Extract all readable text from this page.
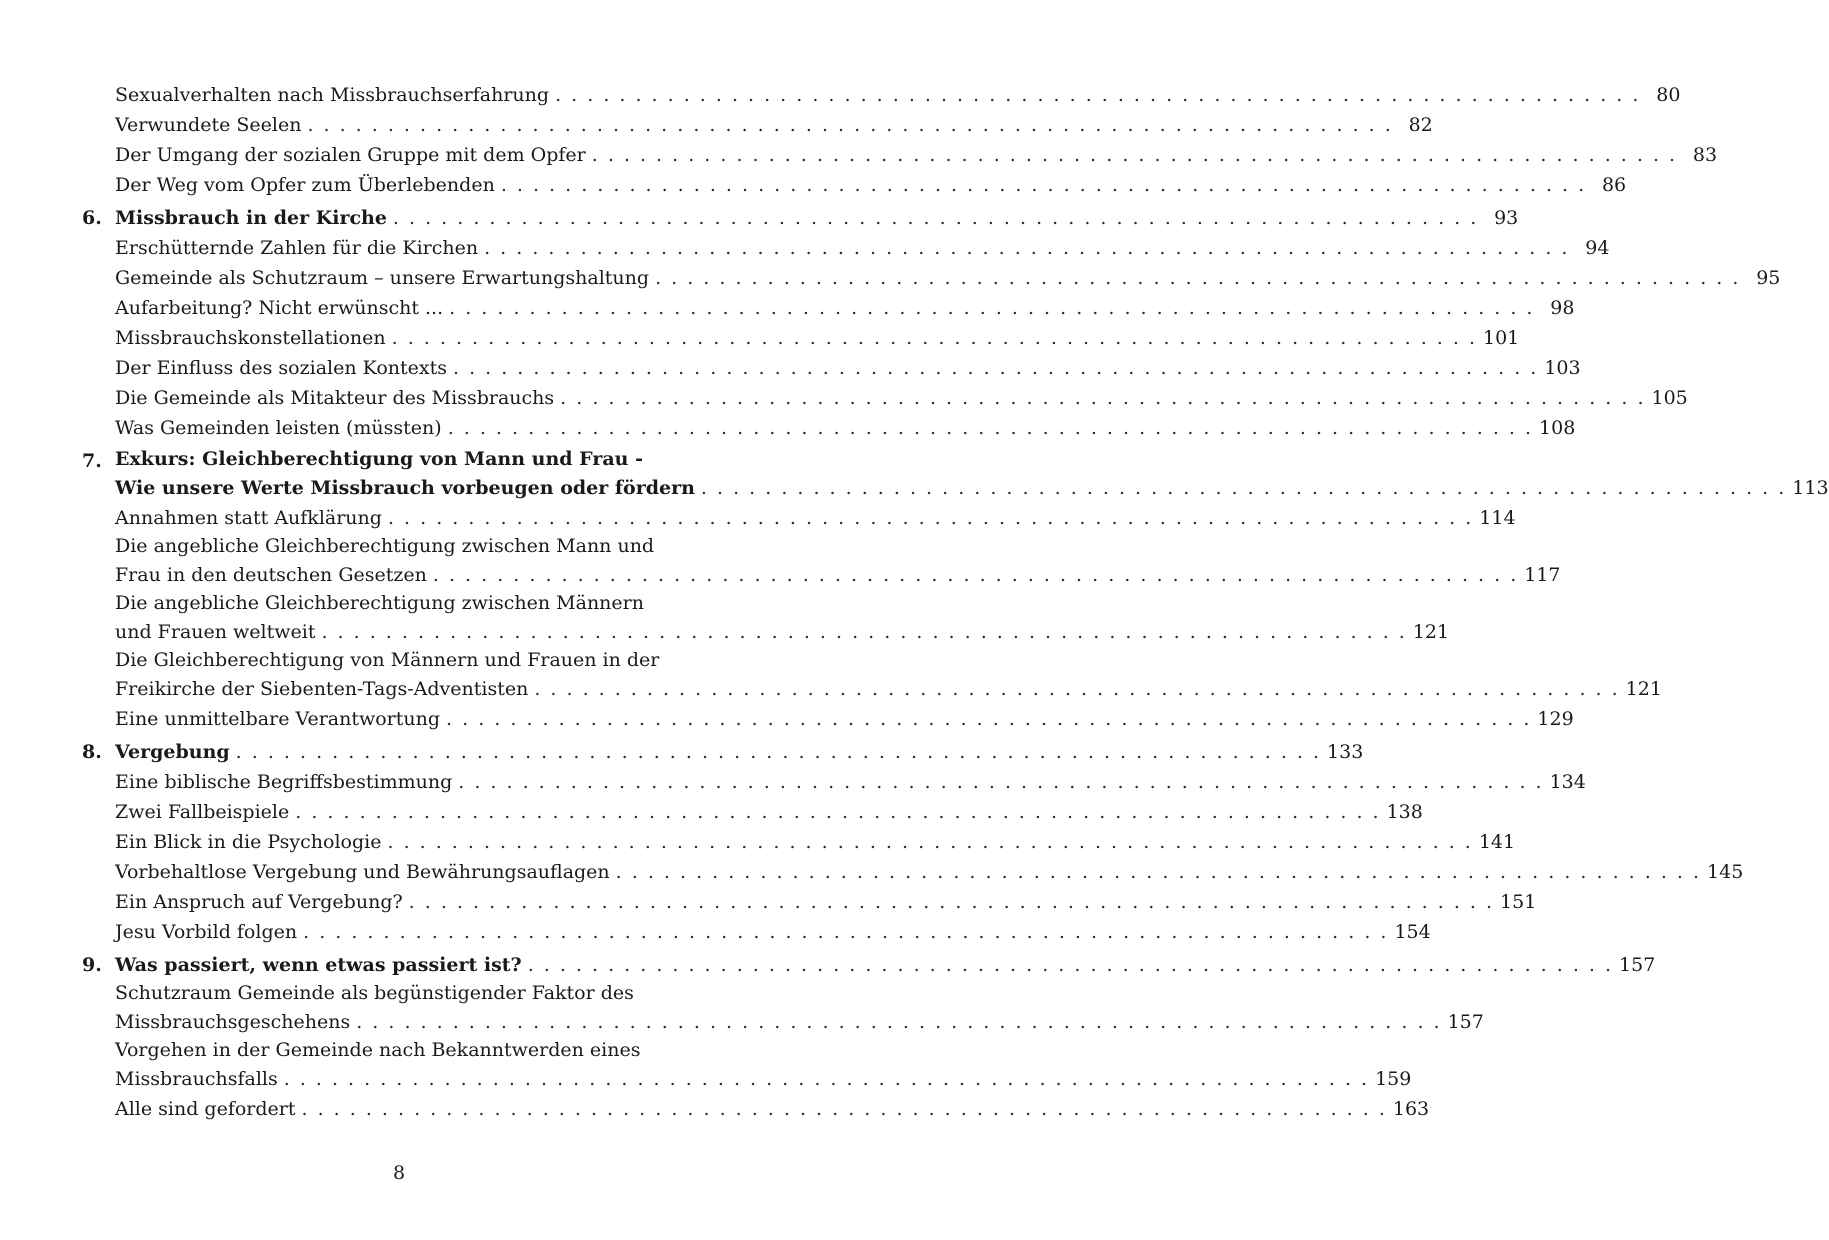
Sexualverhalten nach Missbrauchserfahrung . . . . . . . . . . . . . . . . . . . . . . . . . . . . . . . . . . . . . . . . . . . . . . . . . . . . . . . . . . . . . . . . . . . . 80
Verwundete Seelen . . . . . . . . . . . . . . . . . . . . . . . . . . . . . . . . . . . . . . . . . . . . . . . . . . . . . . . . . . . . . . . . . . . . 82
Der Umgang der sozialen Gruppe mit dem Opfer . . . . . . . . . . . . . . . . . . . . . . . . . . . . . . . . . . . . . . . . . . . . . . . . . . . . . . . . . . . . . . . . . . . . 83
Der Weg vom Opfer zum Überlebenden . . . . . . . . . . . . . . . . . . . . . . . . . . . . . . . . . . . . . . . . . . . . . . . . . . . . . . . . . . . . . . . . . . . . 86
6. Missbrauch in der Kirche . . . . . . . . . . . . . . . . . . . . . . . . . . . . . . . . . . . . . . . . . . . . . . . . . . . . . . . . . . . . . . . . . . . . 93
Erschütternde Zahlen für die Kirchen . . . . . . . . . . . . . . . . . . . . . . . . . . . . . . . . . . . . . . . . . . . . . . . . . . . . . . . . . . . . . . . . . . . . 94
Gemeinde als Schutzraum – unsere Erwartungshaltung . . . . . . . . . . . . . . . . . . . . . . . . . . . . . . . . . . . . . . . . . . . . . . . . . . . . . . . . . . . . . . . . . . . . 95
Aufarbeitung? Nicht erwünscht ... . . . . . . . . . . . . . . . . . . . . . . . . . . . . . . . . . . . . . . . . . . . . . . . . . . . . . . . . . . . . . . . . . . . . 98
Missbrauchskonstellationen . . . . . . . . . . . . . . . . . . . . . . . . . . . . . . . . . . . . . . . . . . . . . . . . . . . . . . . . . . . . . . . . . . . . 101
Der Einfluss des sozialen Kontexts . . . . . . . . . . . . . . . . . . . . . . . . . . . . . . . . . . . . . . . . . . . . . . . . . . . . . . . . . . . . . . . . . . . . 103
Die Gemeinde als Mitakteur des Missbrauchs . . . . . . . . . . . . . . . . . . . . . . . . . . . . . . . . . . . . . . . . . . . . . . . . . . . . . . . . . . . . . . . . . . . . 105
Was Gemeinden leisten (müssten) . . . . . . . . . . . . . . . . . . . . . . . . . . . . . . . . . . . . . . . . . . . . . . . . . . . . . . . . . . . . . . . . . . . . 108
7. Exkurs: Gleichberechtigung von Mann und Frau -
Wie unsere Werte Missbrauch vorbeugen oder fördern . . . . . . . . . . . . . . . . . . . . . . . . . . . . . . . . . . . . . . . . . . . . . . . . . . . . . . . . . . . . . . . . . . . . 113
Annahmen statt Aufklärung . . . . . . . . . . . . . . . . . . . . . . . . . . . . . . . . . . . . . . . . . . . . . . . . . . . . . . . . . . . . . . . . . . . . 114
Die angebliche Gleichberechtigung zwischen Mann und
Frau in den deutschen Gesetzen . . . . . . . . . . . . . . . . . . . . . . . . . . . . . . . . . . . . . . . . . . . . . . . . . . . . . . . . . . . . . . . . . . . . 117
Die angebliche Gleichberechtigung zwischen Männern
und Frauen weltweit . . . . . . . . . . . . . . . . . . . . . . . . . . . . . . . . . . . . . . . . . . . . . . . . . . . . . . . . . . . . . . . . . . . . 121
Die Gleichberechtigung von Männern und Frauen in der
Freikirche der Siebenten-Tags-Adventisten . . . . . . . . . . . . . . . . . . . . . . . . . . . . . . . . . . . . . . . . . . . . . . . . . . . . . . . . . . . . . . . . . . . . 121
Eine unmittelbare Verantwortung . . . . . . . . . . . . . . . . . . . . . . . . . . . . . . . . . . . . . . . . . . . . . . . . . . . . . . . . . . . . . . . . . . . . 129
8. Vergebung . . . . . . . . . . . . . . . . . . . . . . . . . . . . . . . . . . . . . . . . . . . . . . . . . . . . . . . . . . . . . . . . . . . . 133
Eine biblische Begriffsbestimmung . . . . . . . . . . . . . . . . . . . . . . . . . . . . . . . . . . . . . . . . . . . . . . . . . . . . . . . . . . . . . . . . . . . . 134
Zwei Fallbeispiele . . . . . . . . . . . . . . . . . . . . . . . . . . . . . . . . . . . . . . . . . . . . . . . . . . . . . . . . . . . . . . . . . . . . 138
Ein Blick in die Psychologie . . . . . . . . . . . . . . . . . . . . . . . . . . . . . . . . . . . . . . . . . . . . . . . . . . . . . . . . . . . . . . . . . . . . 141
Vorbehaltlose Vergebung und Bewährungsauflagen . . . . . . . . . . . . . . . . . . . . . . . . . . . . . . . . . . . . . . . . . . . . . . . . . . . . . . . . . . . . . . . . . . . . 145
Ein Anspruch auf Vergebung? . . . . . . . . . . . . . . . . . . . . . . . . . . . . . . . . . . . . . . . . . . . . . . . . . . . . . . . . . . . . . . . . . . . . 151
Jesu Vorbild folgen . . . . . . . . . . . . . . . . . . . . . . . . . . . . . . . . . . . . . . . . . . . . . . . . . . . . . . . . . . . . . . . . . . . . 154
9. Was passiert, wenn etwas passiert ist? . . . . . . . . . . . . . . . . . . . . . . . . . . . . . . . . . . . . . . . . . . . . . . . . . . . . . . . . . . . . . . . . . . . . 157
Schutzraum Gemeinde als begünstigender Faktor des
Missbrauchsgeschehens . . . . . . . . . . . . . . . . . . . . . . . . . . . . . . . . . . . . . . . . . . . . . . . . . . . . . . . . . . . . . . . . . . . . 157
Vorgehen in der Gemeinde nach Bekanntwerden eines
Missbrauchsfalls . . . . . . . . . . . . . . . . . . . . . . . . . . . . . . . . . . . . . . . . . . . . . . . . . . . . . . . . . . . . . . . . . . . . 159
Alle sind gefordert . . . . . . . . . . . . . . . . . . . . . . . . . . . . . . . . . . . . . . . . . . . . . . . . . . . . . . . . . . . . . . . . . . . . 163
8
